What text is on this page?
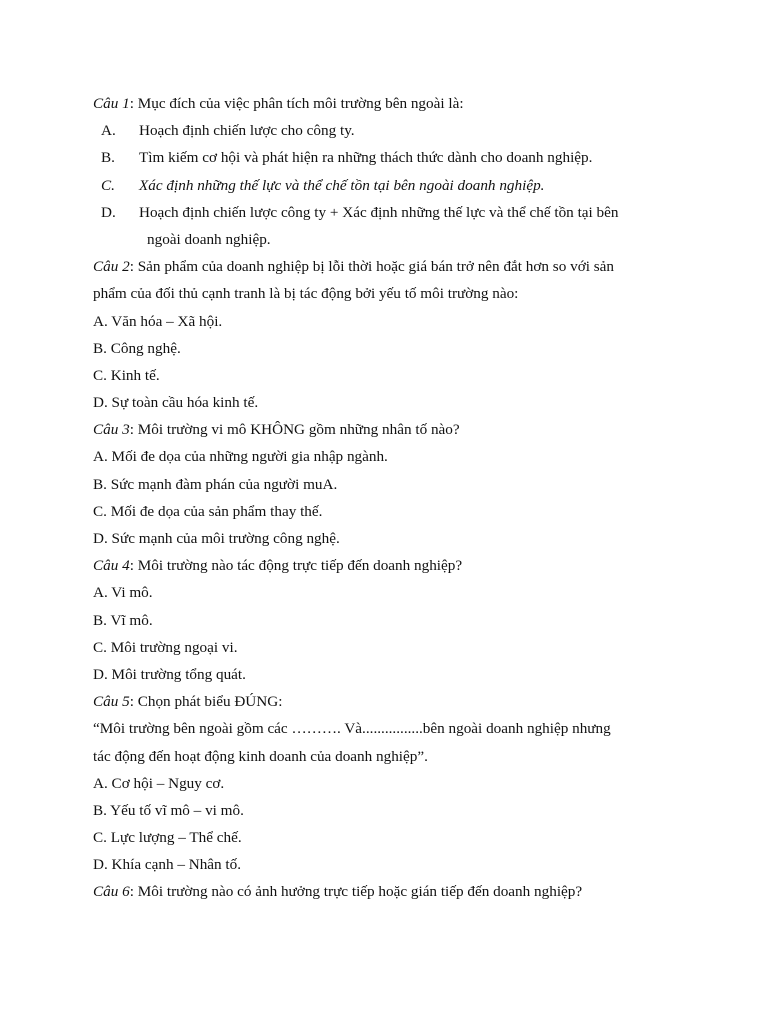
Câu 1: Mục đích của việc phân tích môi trường bên ngoài là:
A. Hoạch định chiến lược cho công ty.
B. Tìm kiếm cơ hội và phát hiện ra những thách thức dành cho doanh nghiệp.
C. Xác định những thế lực và thể chế tồn tại bên ngoài doanh nghiệp.
D. Hoạch định chiến lược công ty + Xác định những thế lực và thể chế tồn tại bên
ngoài doanh nghiệp.
Câu 2: Sản phẩm của doanh nghiệp bị lỗi thời hoặc giá bán trở nên đắt hơn so với sản
phẩm của đối thủ cạnh tranh là bị tác động bởi yếu tố môi trường nào:
A. Văn hóa – Xã hội.
B. Công nghệ.
C. Kinh tế.
D. Sự toàn cầu hóa kinh tế.
Câu 3: Môi trường vi mô KHÔNG gồm những nhân tố nào?
A. Mối đe dọa của những người gia nhập ngành.
B. Sức mạnh đàm phán của người muA.
C. Mối đe dọa của sản phẩm thay thế.
D. Sức mạnh của môi trường công nghệ.
Câu 4: Môi trường nào tác động trực tiếp đến doanh nghiệp?
A. Vi mô.
B. Vĩ mô.
C. Môi trường ngoại vi.
D. Môi trường tổng quát.
Câu 5: Chọn phát biểu ĐÚNG:
“Môi trường bên ngoài gồm các ………. Và................bên ngoài doanh nghiệp nhưng
tác động đến hoạt động kinh doanh của doanh nghiệp”.
A. Cơ hội – Nguy cơ.
B. Yếu tố vĩ mô – vi mô.
C. Lực lượng – Thể chế.
D. Khía cạnh – Nhân tố.
Câu 6: Môi trường nào có ảnh hưởng trực tiếp hoặc gián tiếp đến doanh nghiệp?
